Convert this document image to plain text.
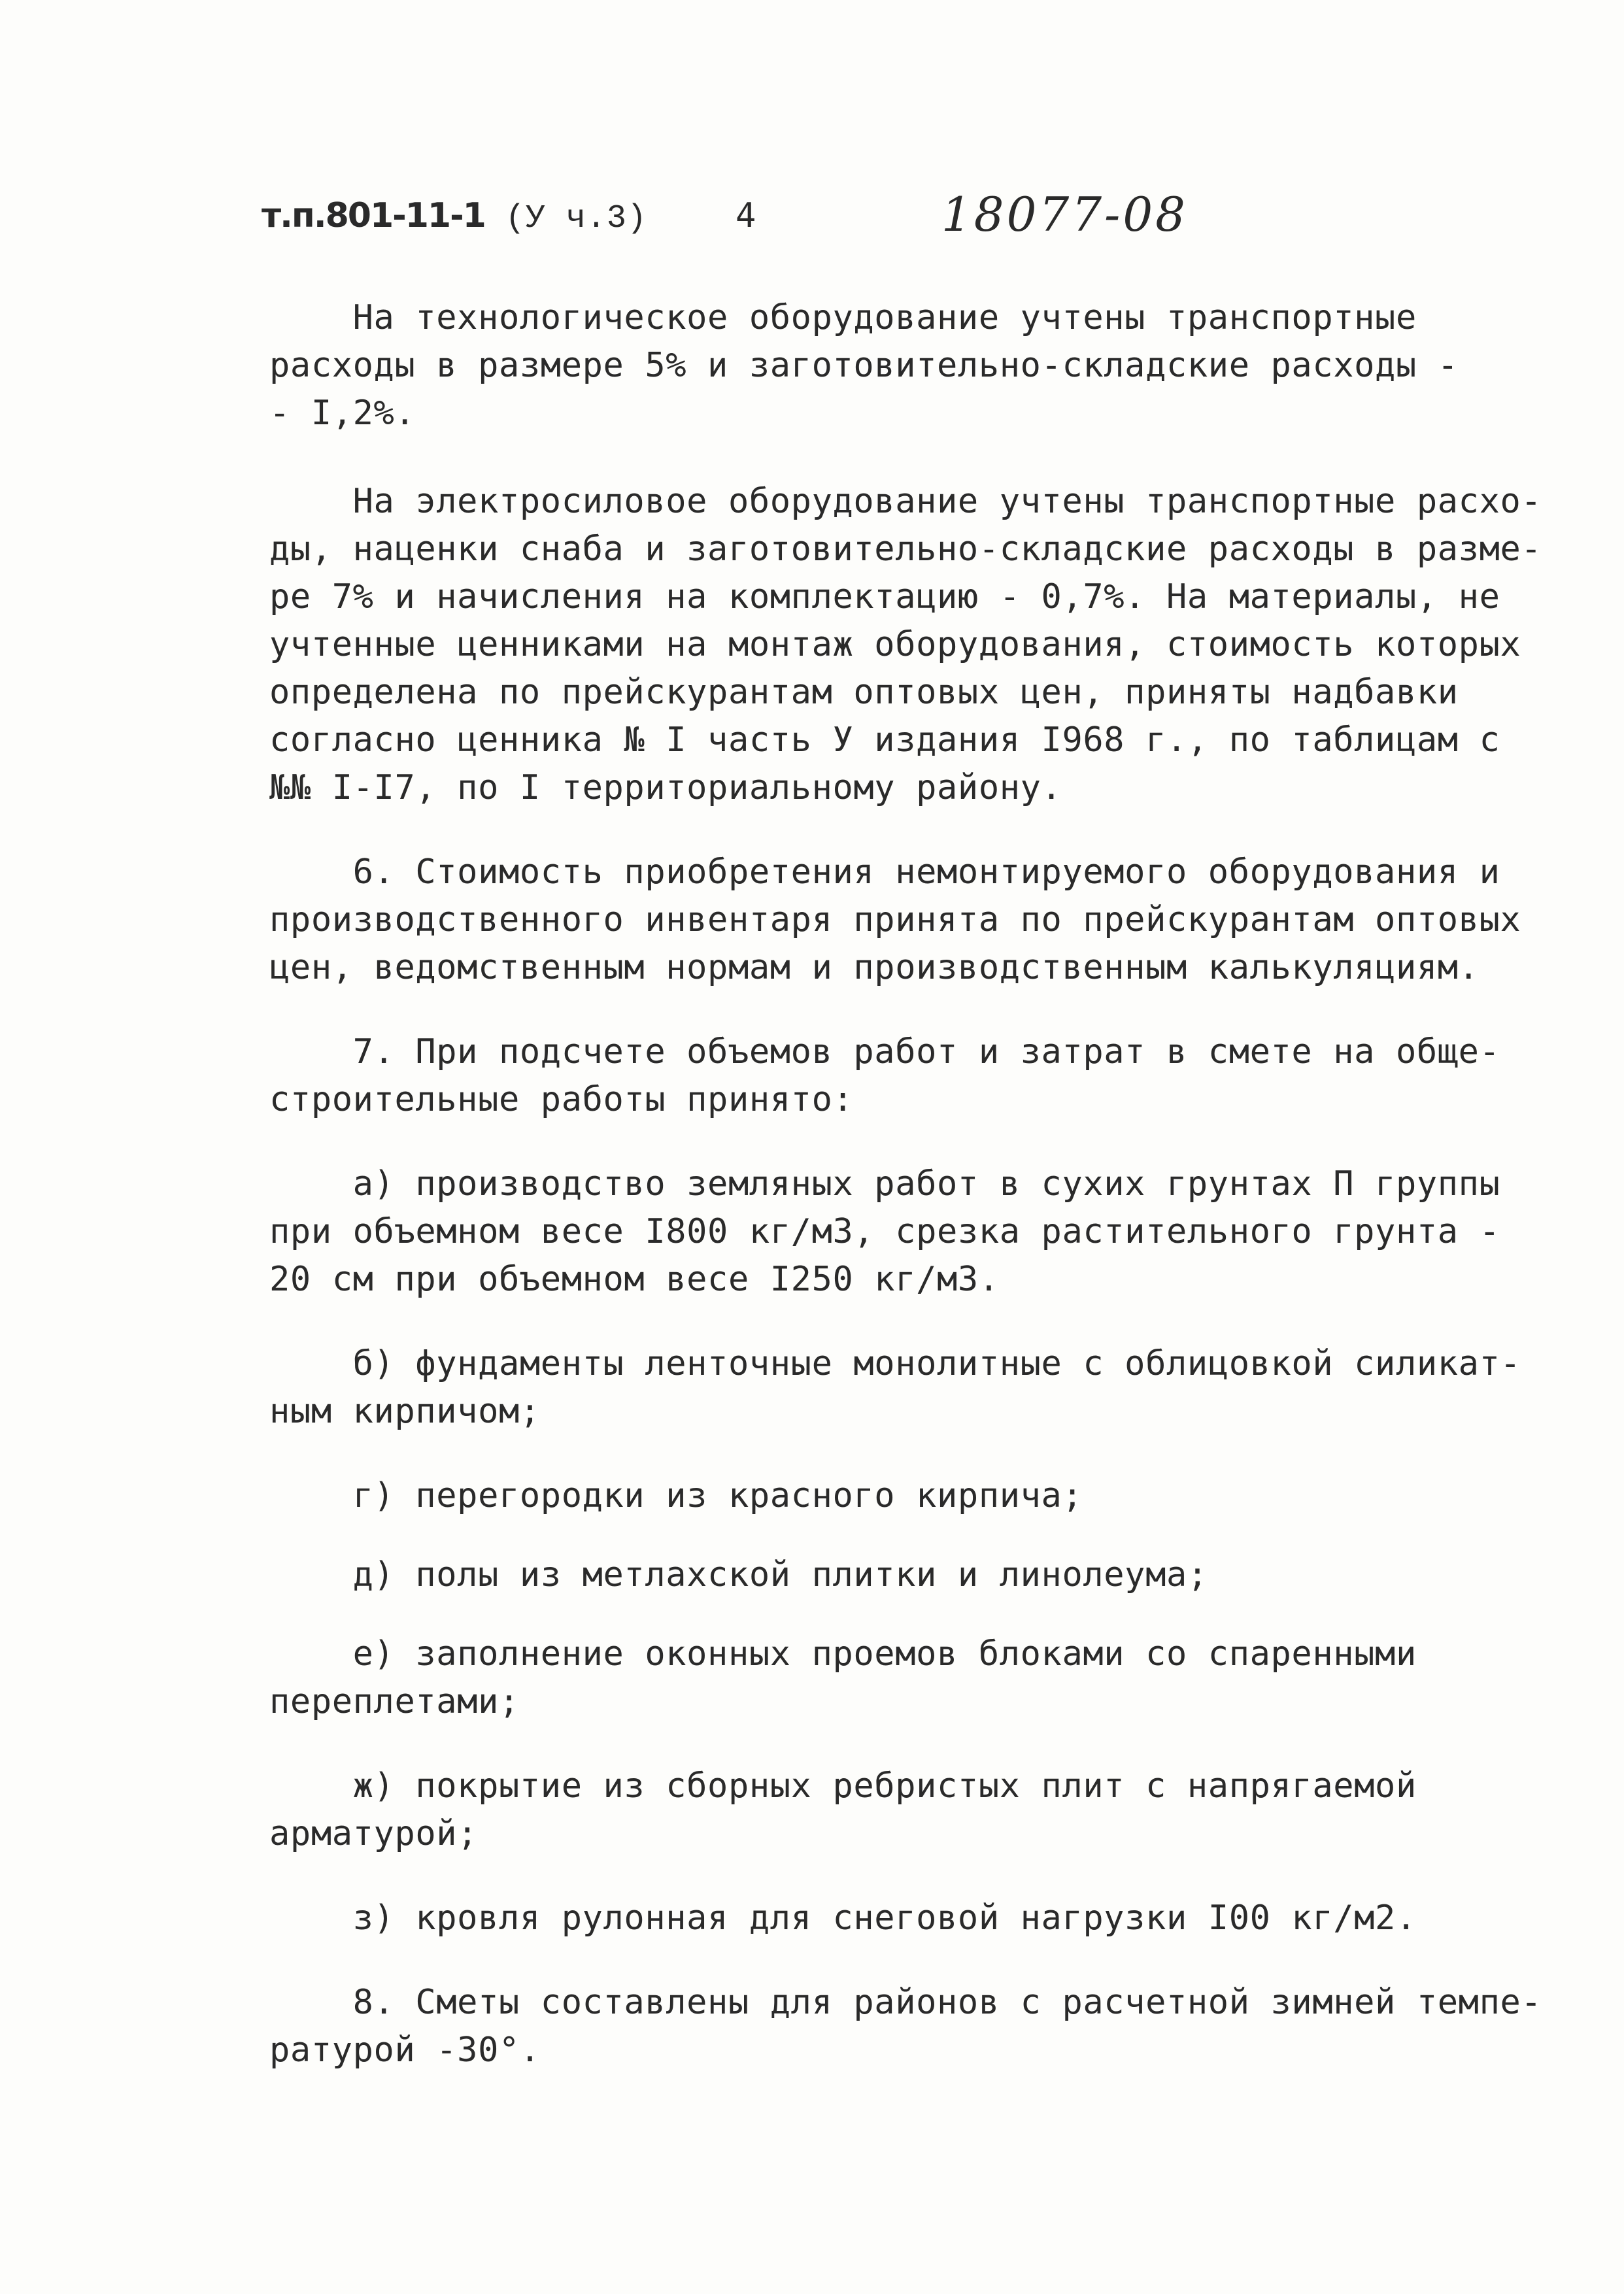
т.п.801-11-1 (У ч.3)	4	18077-08

На технологическое оборудование учтены транспортные
расходы в размере 5% и заготовительно-складские расходы -
- I,2%.

На электросиловое оборудование учтены транспортные расхо-
ды, наценки снаба и заготовительно-складские расходы в разме-
ре 7% и начисления на комплектацию - 0,7%. На материалы, не
учтенные ценниками на монтаж оборудования, стоимость которых
определена по прейскурантам оптовых цен, приняты надбавки
согласно ценника № I часть У издания I968 г., по таблицам с
№№ I-I7, по I территориальному району.

6. Стоимость приобретения немонтируемого оборудования и
производственного инвентаря принята по прейскурантам оптовых
цен, ведомственным нормам и производственным калькуляциям.

7. При подсчете объемов работ и затрат в смете на обще-
строительные работы принято:

а) производство земляных работ в сухих грунтах П группы
при объемном весе I800 кг/м3, срезка растительного грунта -
20 см при объемном весе I250 кг/м3.

б) фундаменты ленточные монолитные с облицовкой силикат-
ным кирпичом;

г) перегородки из красного кирпича;

д) полы из метлахской плитки и линолеума;

е) заполнение оконных проемов блоками со спаренными
переплетами;

ж) покрытие из сборных ребристых плит с напрягаемой
арматурой;

з) кровля рулонная для снеговой нагрузки I00 кг/м2.

8. Сметы составлены для районов с расчетной зимней темпе-
ратурой -30°.
